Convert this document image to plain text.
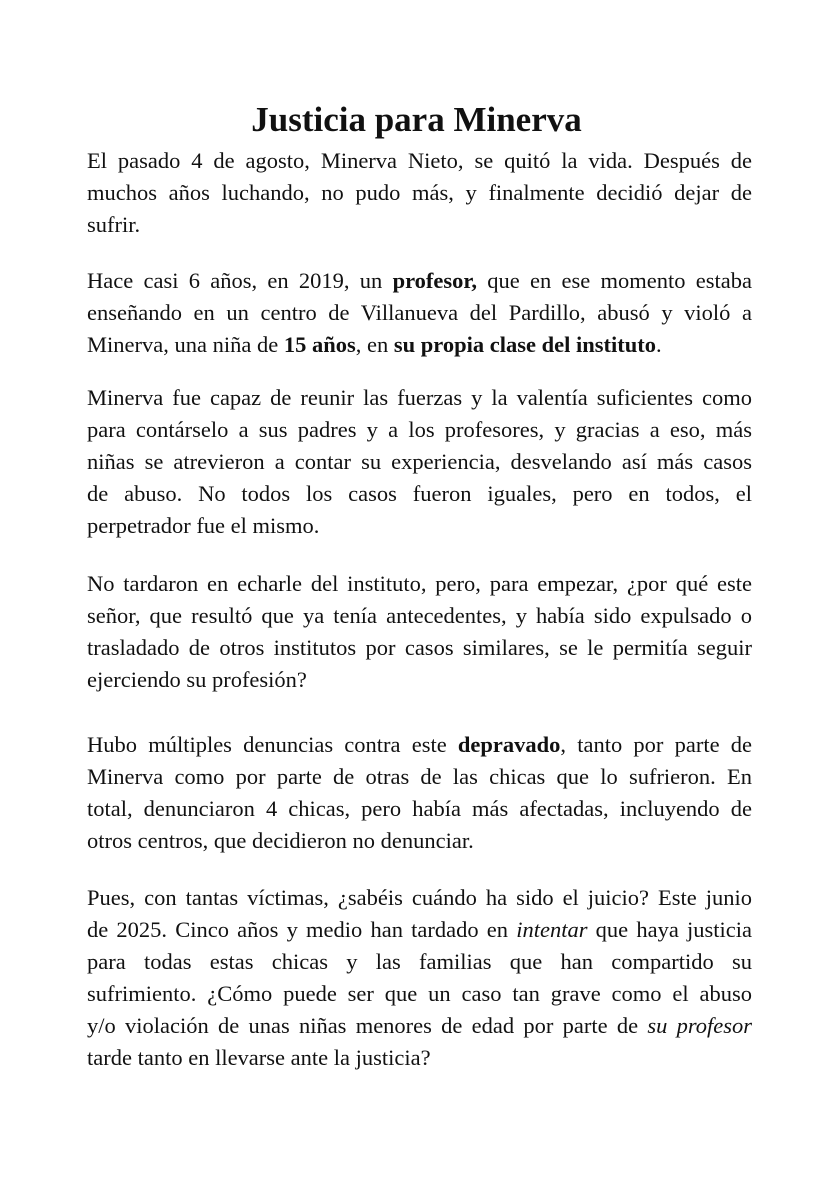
Justicia para Minerva
El pasado 4 de agosto, Minerva Nieto, se quitó la vida. Después de
muchos años luchando, no pudo más, y finalmente decidió dejar de
sufrir.
Hace casi 6 años, en 2019, un profesor, que en ese momento estaba
enseñando en un centro de Villanueva del Pardillo, abusó y violó a
Minerva, una niña de 15 años, en su propia clase del instituto.
Minerva fue capaz de reunir las fuerzas y la valentía suficientes como
para contárselo a sus padres y a los profesores, y gracias a eso, más
niñas se atrevieron a contar su experiencia, desvelando así más casos
de abuso. No todos los casos fueron iguales, pero en todos, el
perpetrador fue el mismo.
No tardaron en echarle del instituto, pero, para empezar, ¿por qué este
señor, que resultó que ya tenía antecedentes, y había sido expulsado o
trasladado de otros institutos por casos similares, se le permitía seguir
ejerciendo su profesión?
Hubo múltiples denuncias contra este depravado, tanto por parte de
Minerva como por parte de otras de las chicas que lo sufrieron. En
total, denunciaron 4 chicas, pero había más afectadas, incluyendo de
otros centros, que decidieron no denunciar.
Pues, con tantas víctimas, ¿sabéis cuándo ha sido el juicio? Este junio
de 2025. Cinco años y medio han tardado en intentar que haya justicia
para todas estas chicas y las familias que han compartido su
sufrimiento. ¿Cómo puede ser que un caso tan grave como el abuso
y/o violación de unas niñas menores de edad por parte de su profesor
tarde tanto en llevarse ante la justicia?
